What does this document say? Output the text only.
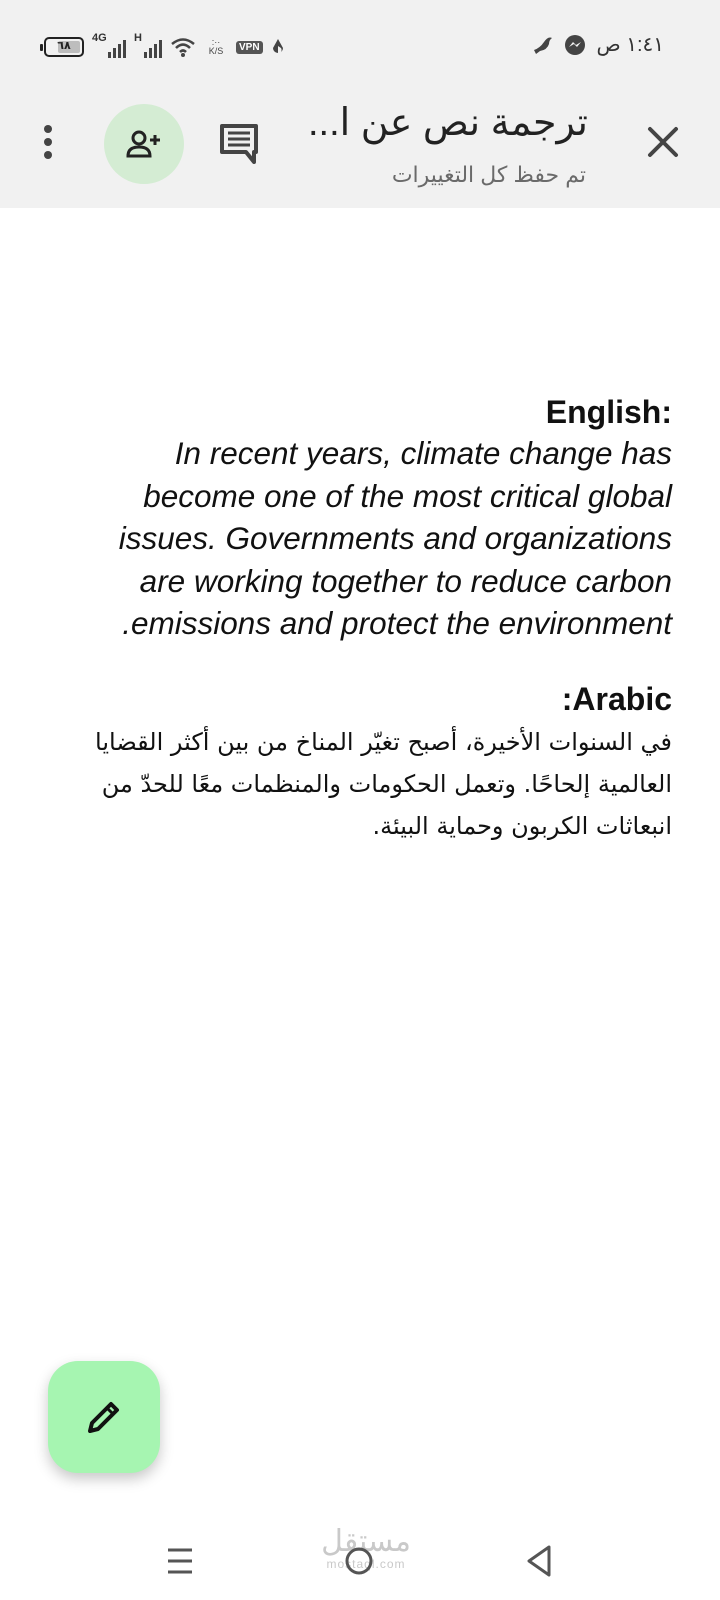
٦٨
4G H	:··
K/S	VPN	١:٤١ ص
ترجمة نص عن ا...
تم حفظ كل التغييرات
English:
In recent years, climate change has become one of the most critical global issues. Governments and organizations are working together to reduce carbon emissions and protect the environment.
Arabic:
في السنوات الأخيرة، أصبح تغيّر المناخ من بين أكثر القضايا العالمية إلحاحًا. وتعمل الحكومات والمنظمات معًا للحدّ من انبعاثات الكربون وحماية البيئة.
مستقل
mostaql.com
